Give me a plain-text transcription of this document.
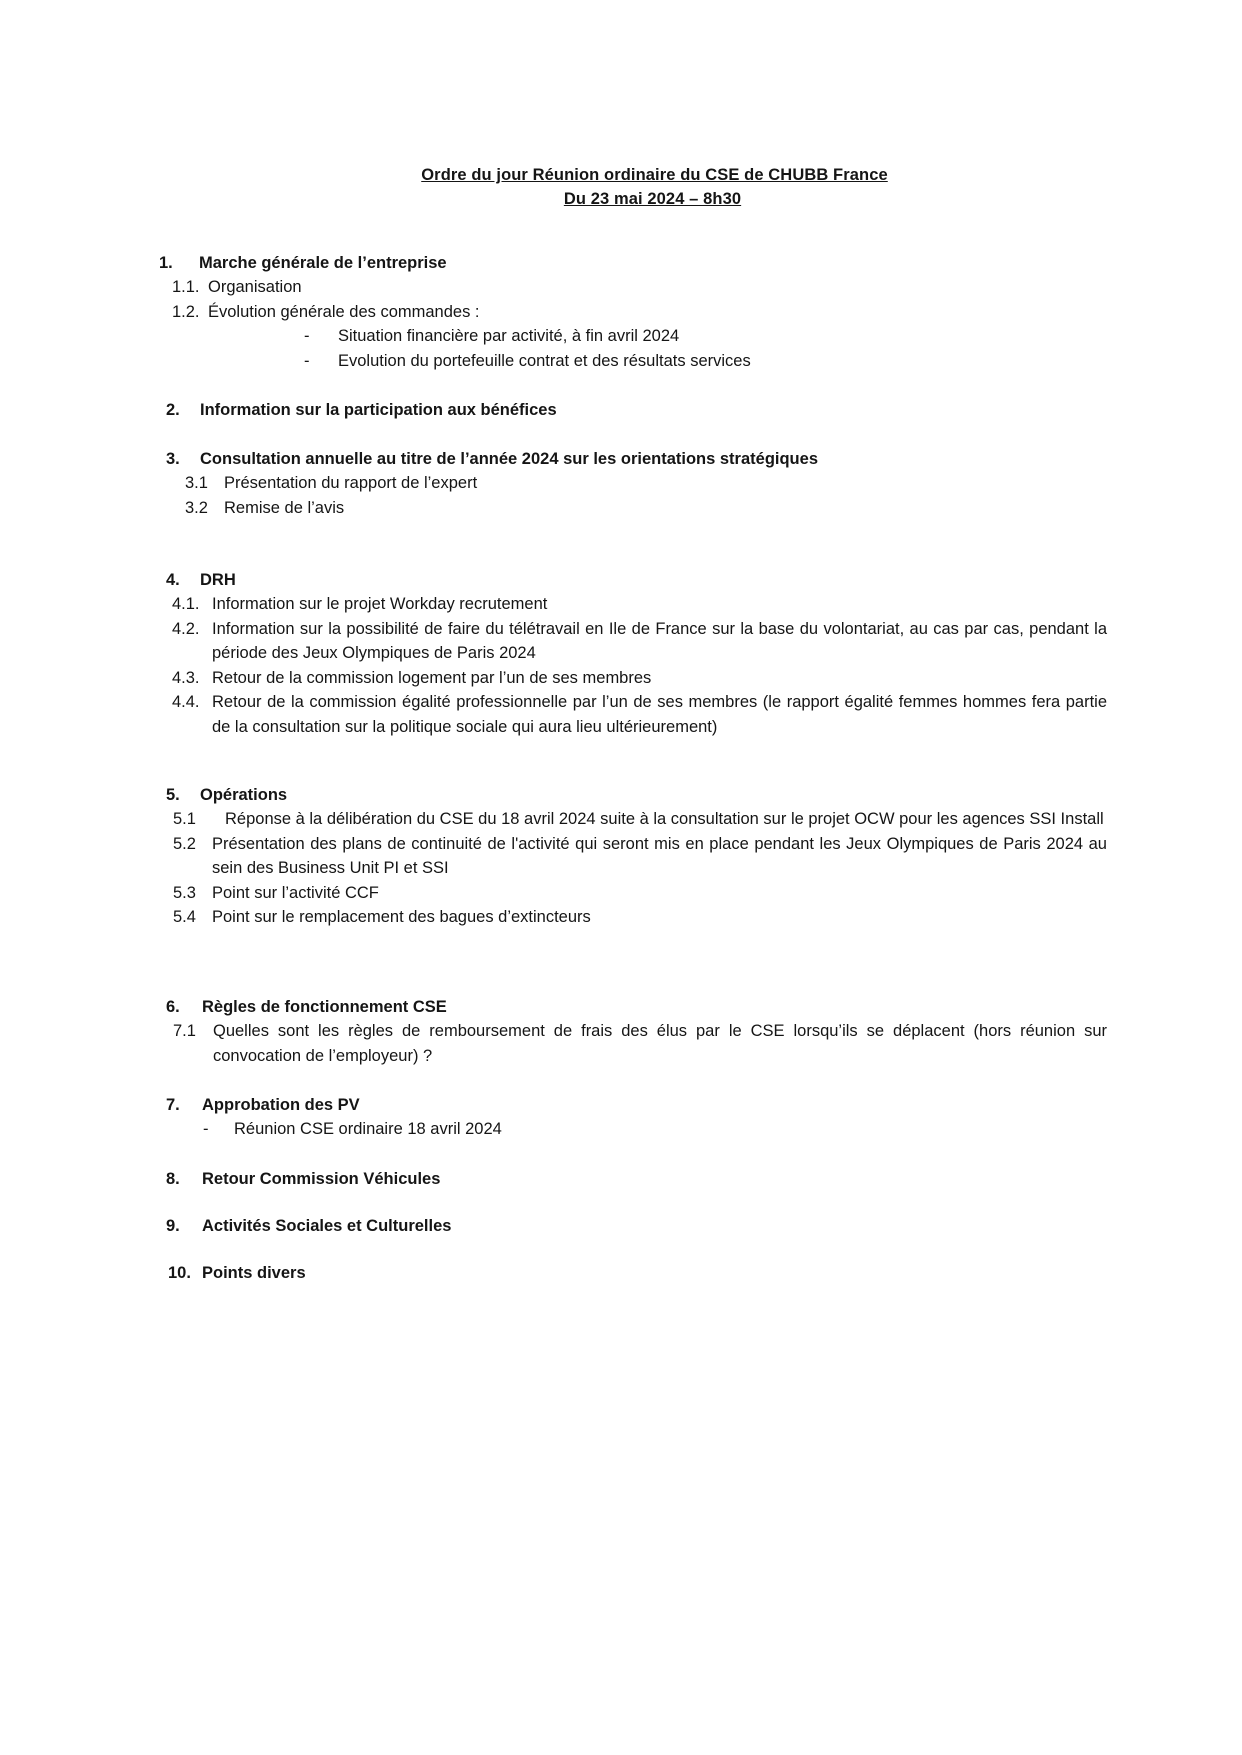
Ordre du jour Réunion ordinaire du CSE de CHUBB France
Du 23 mai 2024 – 8h30
1. Marche générale de l’entreprise
1.1. Organisation
1.2. Évolution générale des commandes :
- Situation financière par activité, à fin avril 2024
- Evolution du portefeuille contrat et des résultats services
2. Information sur la participation aux bénéfices
3. Consultation annuelle au titre de l’année 2024 sur les orientations stratégiques
3.1 Présentation du rapport de l’expert
3.2 Remise de l’avis
4. DRH
4.1. Information sur le projet Workday recrutement
4.2. Information sur la possibilité de faire du télétravail en Ile de France sur la base du volontariat, au cas par cas, pendant la période des Jeux Olympiques de Paris 2024
4.3. Retour de la commission logement par l’un de ses membres
4.4. Retour de la commission égalité professionnelle par l’un de ses membres (le rapport égalité femmes hommes fera partie de la consultation sur la politique sociale qui aura lieu ultérieurement)
5. Opérations
5.1	Réponse à la délibération du CSE du 18 avril 2024 suite à la consultation sur le projet OCW pour les agences SSI Install
5.2 Présentation des plans de continuité de l'activité qui seront mis en place pendant les Jeux Olympiques de Paris 2024 au sein des Business Unit PI et SSI
5.3 Point sur l’activité CCF
5.4 Point sur le remplacement des bagues d’extincteurs
6. Règles de fonctionnement CSE
7.1 Quelles sont les règles de remboursement de frais des élus par le CSE lorsqu’ils se déplacent (hors réunion sur convocation de l’employeur) ?
7. Approbation des PV
- Réunion CSE ordinaire 18 avril 2024
8. Retour Commission Véhicules
9. Activités Sociales et Culturelles
10. Points divers
